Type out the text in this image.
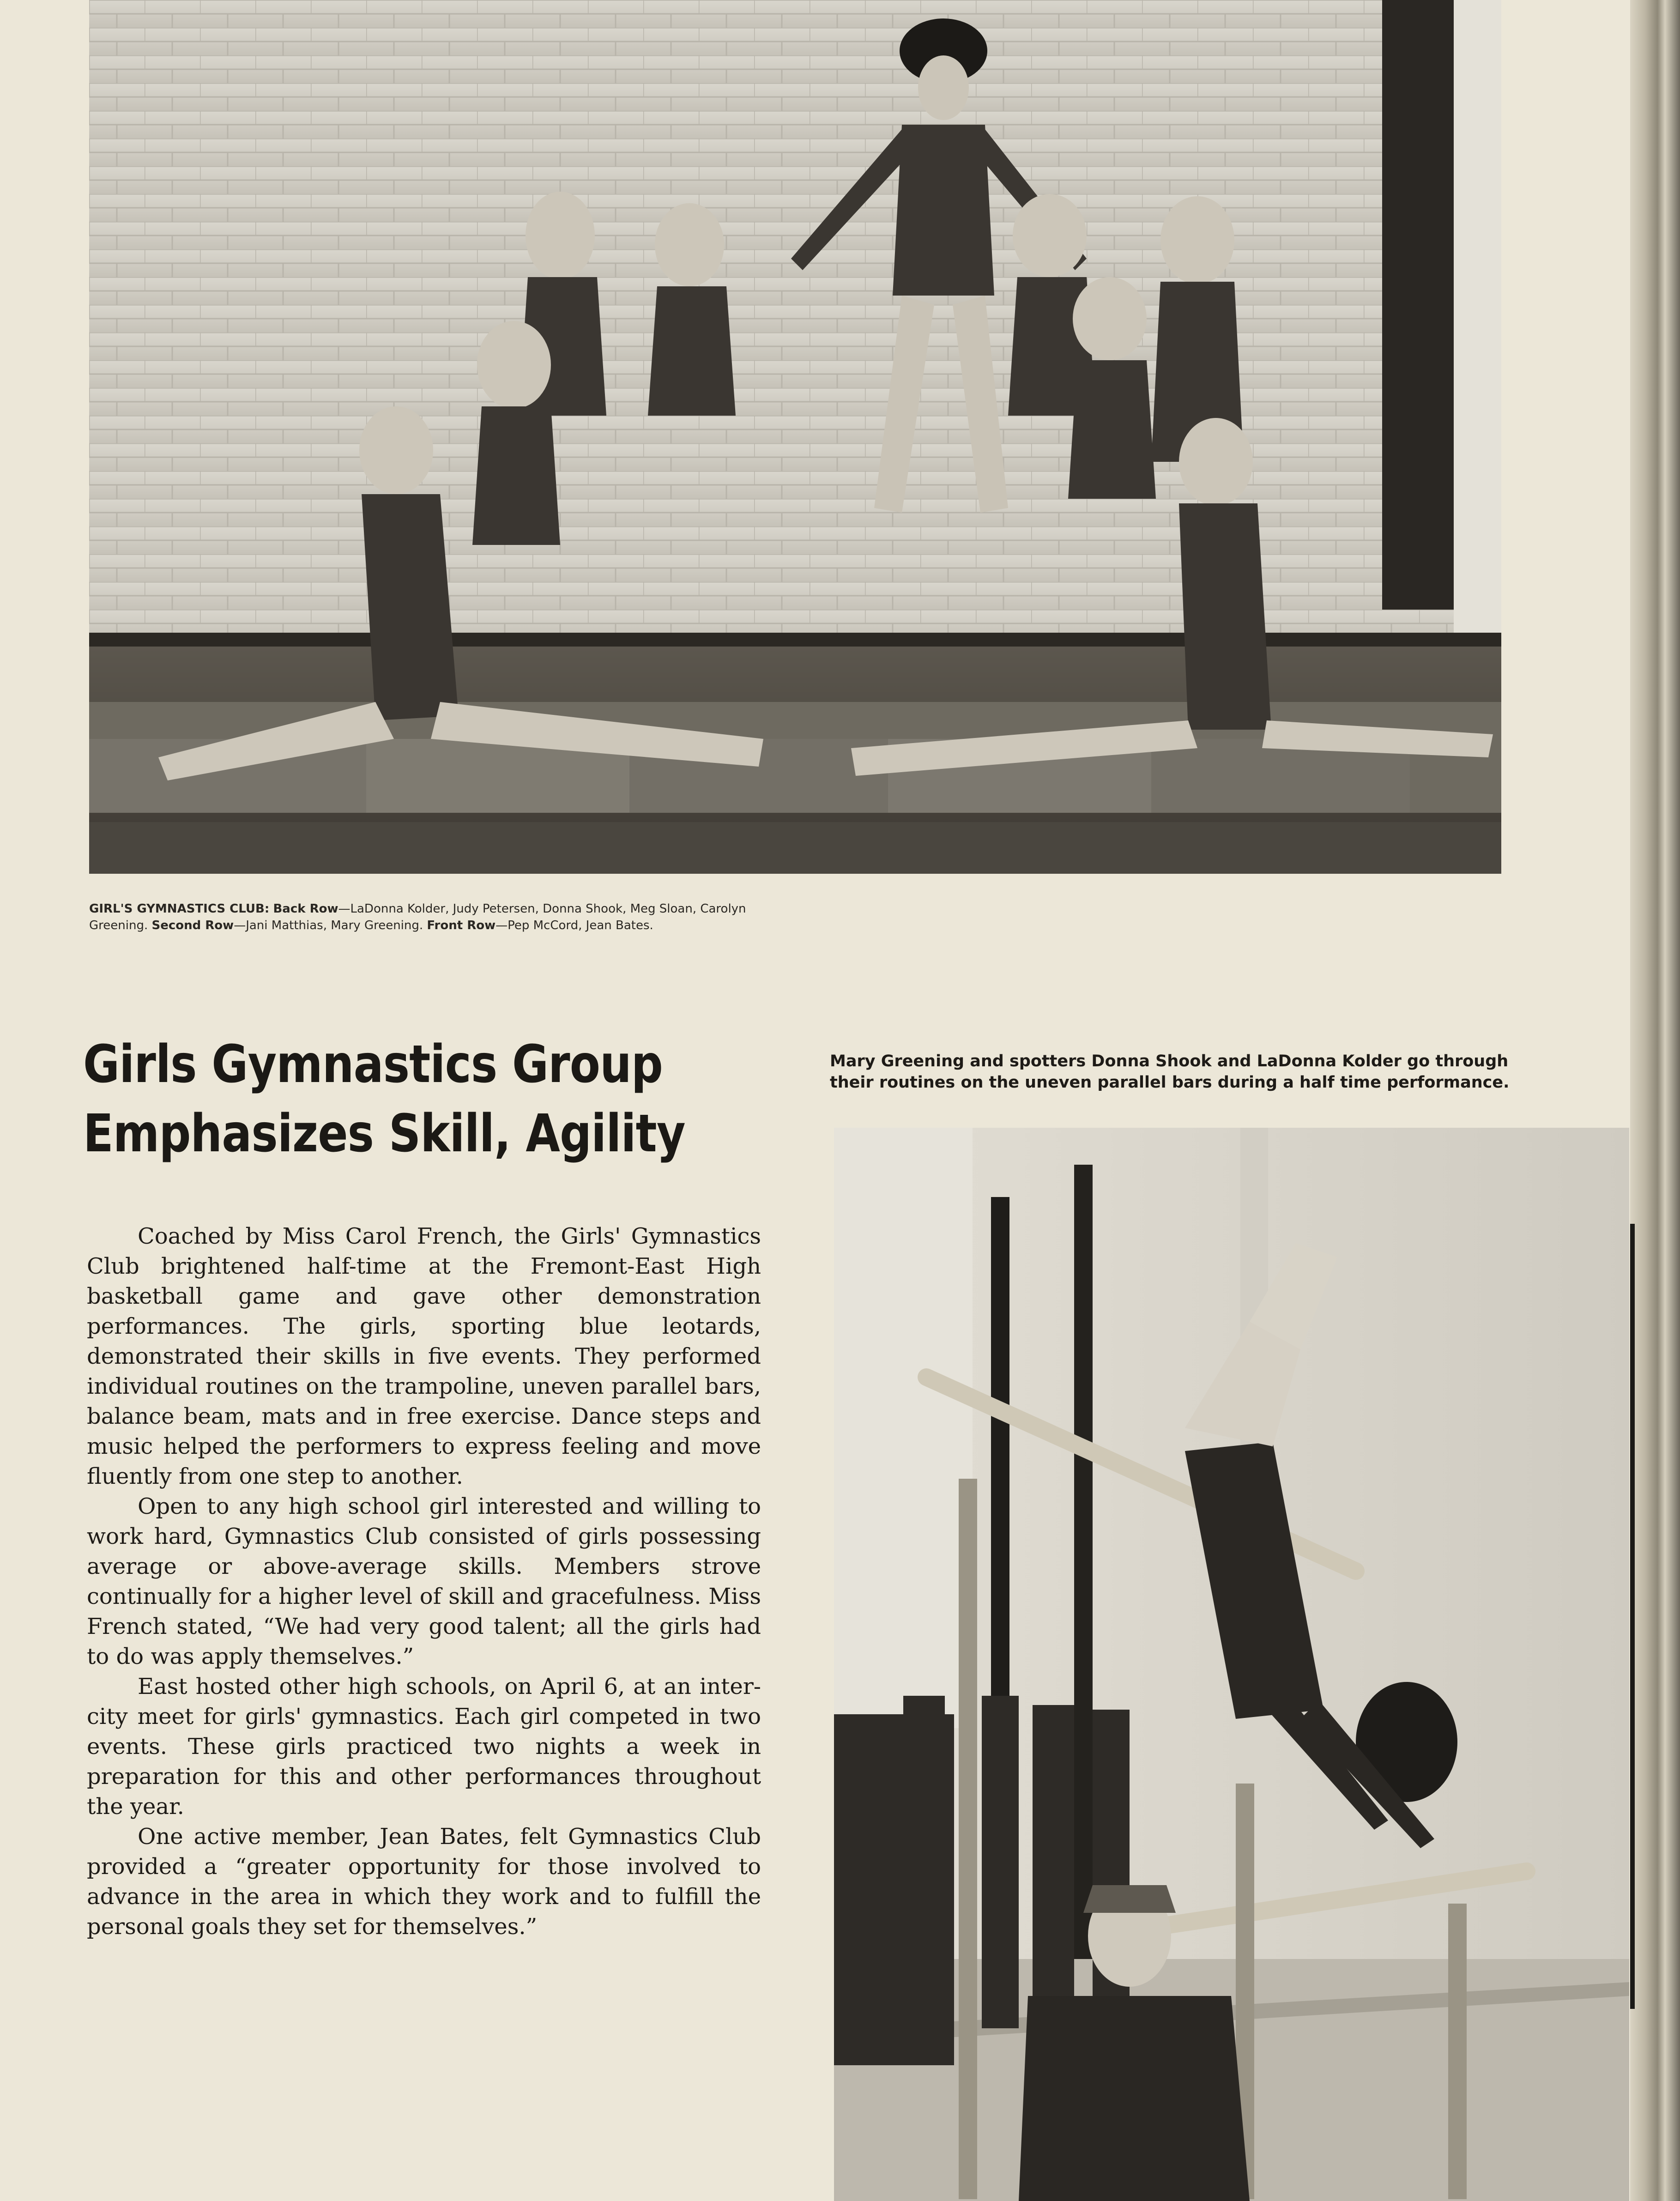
GIRL'S GYMNASTICS CLUB: Back Row—LaDonna Kolder, Judy Petersen, Donna Shook, Meg Sloan, Carolyn Greening. Second Row—Jani Matthias, Mary Greening. Front Row—Pep McCord, Jean Bates.
Girls Gymnastics Group
Emphasizes Skill, Agility
Mary Greening and spotters Donna Shook and LaDonna Kolder go through their routines on the uneven parallel bars during a half time performance.

Coached by Miss Carol French, the Girls' Gymnastics Club brightened half-time at the Fremont-East High basketball game and gave other demonstration performances. The girls, sporting blue leotards, demonstrated their skills in five events. They performed individual routines on the trampoline, uneven parallel bars, balance beam, mats and in free exercise. Dance steps and music helped the performers to express feeling and move fluently from one step to another.

Open to any high school girl interested and willing to work hard, Gymnastics Club consisted of girls possessing average or above-average skills. Members strove continually for a higher level of skill and gracefulness. Miss French stated, “We had very good talent; all the girls had to do was apply themselves.”

East hosted other high schools, on April 6, at an inter-city meet for girls' gymnastics. Each girl competed in two events. These girls practiced two nights a week in preparation for this and other performances throughout the year.

One active member, Jean Bates, felt Gymnastics Club provided a “greater opportunity for those involved to advance in the area in which they work and to fulfill the personal goals they set for themselves.”
